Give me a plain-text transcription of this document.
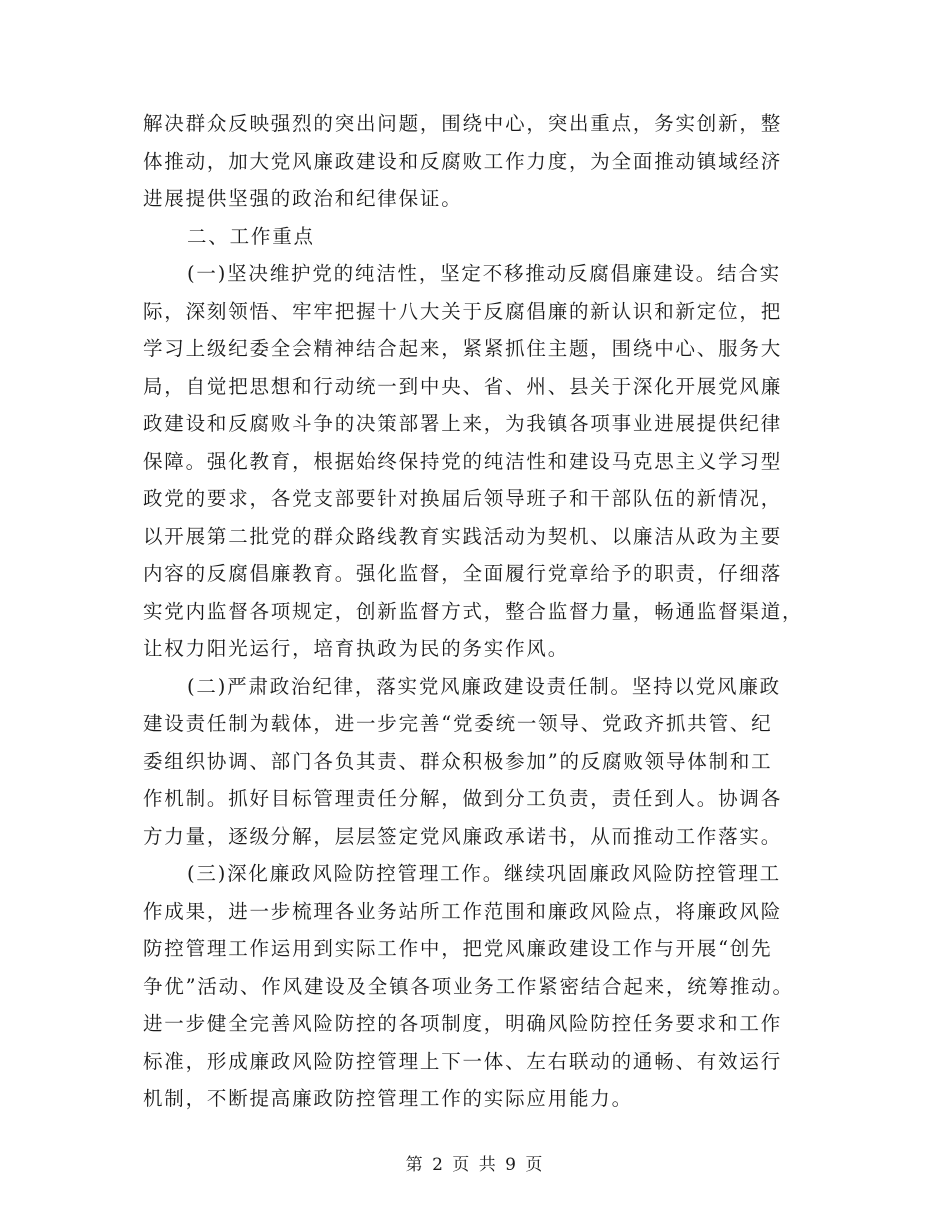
解决群众反映强烈的突出问题，围绕中心，突出重点，务实创新，整
体推动，加大党风廉政建设和反腐败工作力度，为全面推动镇域经济
进展提供坚强的政治和纪律保证。
二、工作重点
(一)坚决维护党的纯洁性，坚定不移推动反腐倡廉建设。结合实
际，深刻领悟、牢牢把握十八大关于反腐倡廉的新认识和新定位，把
学习上级纪委全会精神结合起来，紧紧抓住主题，围绕中心、服务大
局，自觉把思想和行动统一到中央、省、州、县关于深化开展党风廉
政建设和反腐败斗争的决策部署上来，为我镇各项事业进展提供纪律
保障。强化教育，根据始终保持党的纯洁性和建设马克思主义学习型
政党的要求，各党支部要针对换届后领导班子和干部队伍的新情况，
以开展第二批党的群众路线教育实践活动为契机、以廉洁从政为主要
内容的反腐倡廉教育。强化监督，全面履行党章给予的职责，仔细落
实党内监督各项规定，创新监督方式，整合监督力量，畅通监督渠道，
让权力阳光运行，培育执政为民的务实作风。
(二)严肃政治纪律，落实党风廉政建设责任制。坚持以党风廉政
建设责任制为载体，进一步完善“党委统一领导、党政齐抓共管、纪
委组织协调、部门各负其责、群众积极参加”的反腐败领导体制和工
作机制。抓好目标管理责任分解，做到分工负责，责任到人。协调各
方力量，逐级分解，层层签定党风廉政承诺书，从而推动工作落实。
(三)深化廉政风险防控管理工作。继续巩固廉政风险防控管理工
作成果，进一步梳理各业务站所工作范围和廉政风险点，将廉政风险
防控管理工作运用到实际工作中，把党风廉政建设工作与开展“创先
争优”活动、作风建设及全镇各项业务工作紧密结合起来，统筹推动。
进一步健全完善风险防控的各项制度，明确风险防控任务要求和工作
标准，形成廉政风险防控管理上下一体、左右联动的通畅、有效运行
机制，不断提高廉政防控管理工作的实际应用能力。
第 2 页 共 9 页
